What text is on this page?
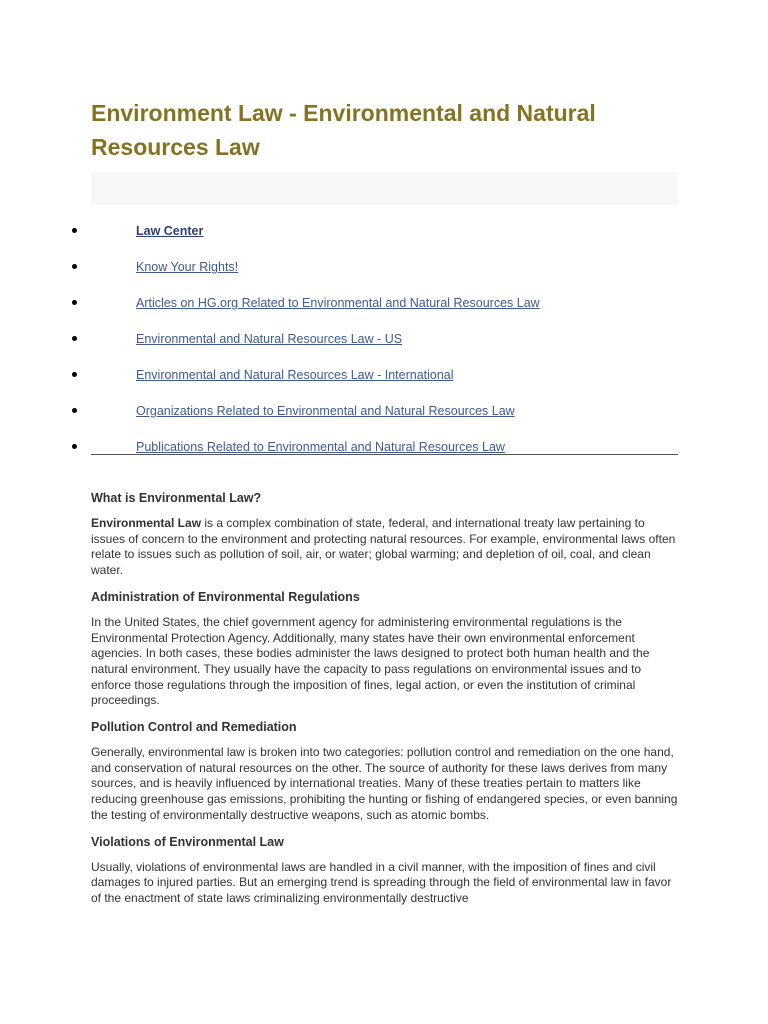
Environment Law - Environmental and Natural Resources Law
Law Center
Know Your Rights!
Articles on HG.org Related to Environmental and Natural Resources Law
Environmental and Natural Resources Law - US
Environmental and Natural Resources Law - International
Organizations Related to Environmental and Natural Resources Law
Publications Related to Environmental and Natural Resources Law
What is Environmental Law?

Environmental Law is a complex combination of state, federal, and international treaty law pertaining to issues of concern to the environment and protecting natural resources. For example, environmental laws often relate to issues such as pollution of soil, air, or water; global warming; and depletion of oil, coal, and clean water.

Administration of Environmental Regulations

In the United States, the chief government agency for administering environmental regulations is the Environmental Protection Agency. Additionally, many states have their own environmental enforcement agencies. In both cases, these bodies administer the laws designed to protect both human health and the natural environment. They usually have the capacity to pass regulations on environmental issues and to enforce those regulations through the imposition of fines, legal action, or even the institution of criminal proceedings.

Pollution Control and Remediation

Generally, environmental law is broken into two categories: pollution control and remediation on the one hand, and conservation of natural resources on the other. The source of authority for these laws derives from many sources, and is heavily influenced by international treaties. Many of these treaties pertain to matters like reducing greenhouse gas emissions, prohibiting the hunting or fishing of endangered species, or even banning the testing of environmentally destructive weapons, such as atomic bombs.

Violations of Environmental Law

Usually, violations of environmental laws are handled in a civil manner, with the imposition of fines and civil damages to injured parties. But an emerging trend is spreading through the field of environmental law in favor of the enactment of state laws criminalizing environmentally destructive
